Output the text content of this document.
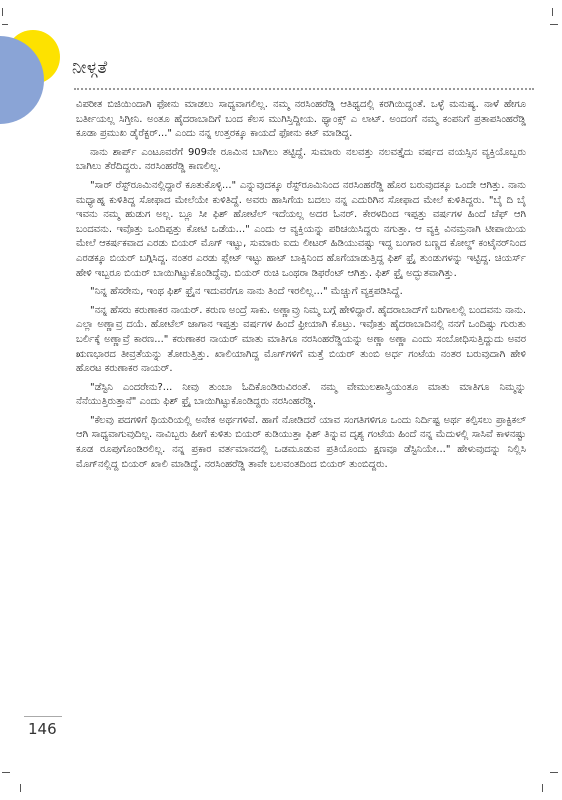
ನೀಳ್ಗತೆ

ವಿಪರೀತ ಬಿಜಿಯಿಂದಾಗಿ ಫೋನು ಮಾಡಲು ಸಾಧ್ಯವಾಗಲಿಲ್ಲ. ನಮ್ಮ ನರಸಿಂಹರೆಡ್ಡಿ ಆತಿಥ್ಯದಲ್ಲಿ ಕರಗಿಯಿದ್ದಂತೆ. ಒಳ್ಳೆ ಮನುಷ್ಯ. ನಾಳೆ ಹೇಗೂ ಬರ್ತೀಯಲ್ಲ ಸಿಗ್ತೀನಿ. ಅಂತೂ ಹೈದರಾಬಾದಿಗೆ ಬಂದ ಕೆಲಸ ಮುಗಿಸ್ತಿದ್ದೀಯ. ಥ್ಯಾಂಕ್ಸ್ ಎ ಲಾಟ್. ಅಂದಂಗೆ ನಮ್ಮ ಕಂಪನಿಗೆ ಪ್ರತಾಪಸಿಂಹರೆಡ್ಡಿ ಕೂಡಾ ಪ್ರಮುಖ ಡೈರೆಕ್ಟರ್..." ಎಂದು ನನ್ನ ಉತ್ತರಕ್ಕೂ ಕಾಯದೆ ಫೋನು ಕಟ್ ಮಾಡಿದ್ದ.

ನಾನು ಶಾರ್ಪ್ ಎಂಟೂವರೆಗೆ 909ನೇ ರೂಮಿನ ಬಾಗಿಲು ತಟ್ಟಿದ್ದೆ. ಸುಮಾರು ನಲವತ್ತು ನಲವತ್ತೈದು ವರ್ಷದ ವಯಸ್ಸಿನ ವ್ಯಕ್ತಿಯೊಬ್ಬರು ಬಾಗಿಲು ತೆರೆದಿದ್ದರು. ನರಸಿಂಹರೆಡ್ಡಿ ಕಾಣಲಿಲ್ಲ.

"ಸಾರ್ ರೆಸ್ಟ್‌ರೂಮಿನಲ್ಲಿದ್ದಾರೆ ಕೂತುಕೊಳ್ಳಿ..." ಎನ್ನುವುದಕ್ಕೂ ರೆಸ್ಟ್‌ರೂಮಿನಿಂದ ನರಸಿಂಹರೆಡ್ಡಿ ಹೊರ ಬರುವುದಕ್ಕೂ ಒಂದೇ ಆಗಿತ್ತು. ನಾನು ಮಧ್ಯಾಹ್ನ ಕುಳಿತಿದ್ದ ಸೋಫಾದ ಮೇಲೆಯೇ ಕುಳಿತಿದ್ದೆ. ಅವರು ಹಾಸಿಗೆಯ ಬದಲು ನನ್ನ ಎದುರಿಗಿನ ಸೋಫಾದ ಮೇಲೆ ಕುಳಿತಿದ್ದರು. "ಬೈ ದಿ ಬೈ ಇವನು ನಮ್ಮ ಹುಡುಗ ಅಲ್ಲ. ಬ್ಲೂ ಸೀ ಫಿಶ್ ಹೋಟೆಲ್ ಇದೆಯಲ್ಲ ಅದರ ಓನರ್. ಕೇರಳದಿಂದ ಇಪ್ಪತ್ತು ವರ್ಷಗಳ ಹಿಂದೆ ಚೆಫ್ ಆಗಿ ಬಂದವನು. ಇವೊತ್ತು ಒಂದಿಪ್ಪತ್ತು ಕೋಟಿ ಒಡೆಯ..." ಎಂದು ಆ ವ್ಯಕ್ತಿಯನ್ನು ಪರಿಚಯಿಸಿದ್ದರು ನಗುತ್ತಾ. ಆ ವ್ಯಕ್ತಿ ವಿನಮ್ರನಾಗಿ ಟೀಪಾಯಿಯ ಮೇಲೆ ಆಕರ್ಷಕವಾದ ಎರಡು ಬಿಯರ್ ಮೊಗ್ ಇಟ್ಟು, ಸುಮಾರು ಐದು ಲೀಟರ್ ಹಿಡಿಯುವಷ್ಟು ಇದ್ದ ಬಂಗಾರ ಬಣ್ಣದ ಕೋಲ್ಡ್ ಕಂಟೈನರ್‌ನಿಂದ ಎರಡಕ್ಕೂ ಬಿಯರ್ ಬಗ್ಗಿಸಿದ್ದ. ನಂತರ ಎರಡು ಪ್ಲೇಟ್ ಇಟ್ಟು ಹಾಟ್ ಬಾಕ್ಸಿನಿಂದ ಹೊಗೆಯಾಡುತ್ತಿದ್ದ ಫಿಶ್ ಫ್ರೈ ತುಂಡುಗಳನ್ನು ಇಟ್ಟಿದ್ದ. ಚಿಯರ್ಸ್ ಹೇಳಿ ಇಬ್ಬರೂ ಬಿಯರ್ ಬಾಯಿಗಿಟ್ಟುಕೊಂಡಿದ್ದೆವು. ಬಿಯರ್ ರುಚಿ ಒಂಥರಾ ಡಿಫರೆಂಟ್ ಆಗಿತ್ತು. ಫಿಶ್ ಫ್ರೈ ಅದ್ಭುತವಾಗಿತ್ತು.

"ನಿನ್ನ ಹೆಸರೇನು, ಇಂಥ ಫಿಶ್ ಫ್ರೈನ ಇದುವರೆಗೂ ನಾನು ತಿಂದೆ ಇರಲಿಲ್ಲ..." ಮೆಚ್ಚುಗೆ ವ್ಯಕ್ತಪಡಿಸಿದ್ದೆ.

"ನನ್ನ ಹೆಸರು ಕರುಣಾಕರ ನಾಯರ್. ಕರುಣ ಅಂದ್ರೆ ಸಾಕು. ಅಣ್ಣಾವ್ರು ನಿಮ್ಮ ಬಗ್ಗೆ ಹೇಳಿದ್ದಾರೆ. ಹೈದರಾಬಾದ್‌ಗೆ ಬರಿಗಾಲಲ್ಲಿ ಬಂದವನು ನಾನು. ಎಲ್ಲಾ ಅಣ್ಣಾವ್ರ ದಯೆ. ಹೋಟೆಲ್ ಜಾಗಾನ ಇಪ್ಪತ್ತು ವರ್ಷಗಳ ಹಿಂದೆ ಫ್ರೀಯಾಗಿ ಕೊಟ್ರು. ಇವೊತ್ತು ಹೈದರಾಬಾದಿನಲ್ಲಿ ನನಗೆ ಒಂದಿಷ್ಟು ಗುರುತು ಬರ್ಲಿಕ್ಕೆ ಅಣ್ಣಾವ್ರೆ ಕಾರಣ..." ಕರುಣಾಕರ ನಾಯರ್ ಮಾತು ಮಾತಿಗೂ ನರಸಿಂಹರೆಡ್ಡಿಯನ್ನು ಅಣ್ಣಾ ಅಣ್ಣಾ ಎಂದು ಸಂಬೋಧಿಸುತ್ತಿದ್ದುದು ಅವರ ಋಣಭಾರದ ತೀವ್ರತೆಯನ್ನು ತೋರುತ್ತಿತ್ತು. ಖಾಲಿಯಾಗಿದ್ದ ಮೊಗ್‌ಗಳಿಗೆ ಮತ್ತೆ ಬಿಯರ್ ತುಂಬಿ ಅರ್ಧ ಗಂಟೆಯ ನಂತರ ಬರುವುದಾಗಿ ಹೇಳಿ ಹೊರಟ ಕರುಣಾಕರ ನಾಯರ್.

"ಡೆಸ್ಟಿನಿ ಎಂದರೇನು?... ನೀವು ತುಂಬಾ ಓದಿಕೊಂಡಿರುವಿರಂತೆ. ನಮ್ಮ ವೇಮುಲಶಾಸ್ತ್ರಿಯಂತೂ ಮಾತು ಮಾತಿಗೂ ನಿಮ್ಮನ್ನು ನೆನೆಯುತ್ತಿರುತ್ತಾನೆ" ಎಂದು ಫಿಶ್ ಫ್ರೈ ಬಾಯಿಗಿಟ್ಟುಕೊಂಡಿದ್ದರು ನರಸಿಂಹರೆಡ್ಡಿ.

"ಕೆಲವು ಪದಗಳಿಗೆ ಥಿಯರಿಯಲ್ಲಿ ಅನೇಕ ಅರ್ಥಗಳಿವೆ. ಹಾಗೆ ನೋಡಿದರೆ ಯಾವ ಸಂಗತಿಗಳಿಗೂ ಒಂದು ನಿರ್ದಿಷ್ಟ ಅರ್ಥ ಕಲ್ಪಿಸಲು ಪ್ರಾಕ್ಟಿಕಲ್ ಆಗಿ ಸಾಧ್ಯವಾಗುವುದಿಲ್ಲ. ನಾವಿಬ್ಬರು ಹೀಗೆ ಕುಳಿತು ಬಿಯರ್ ಕುಡಿಯುತ್ತಾ ಫಿಶ್ ತಿನ್ನುವ ದೃಶ್ಯ ಗಂಟೆಯ ಹಿಂದೆ ನನ್ನ ಮೆದುಳಲ್ಲಿ ಸಾಸಿವೆ ಕಾಳನಷ್ಟು ಕೂಡ ರೂಪುಗೊಂಡಿರಲಿಲ್ಲ. ನನ್ನ ಪ್ರಕಾರ ವರ್ತಮಾನದಲ್ಲಿ ಒಡಮೂಡುವ ಪ್ರತಿಯೊಂದು ಕ್ಷಣವೂ ಡೆಸ್ಟಿನಿಯೇ..." ಹೇಳುವುದನ್ನು ನಿಲ್ಲಿಸಿ ಮೊಗ್‌ನಲ್ಲಿದ್ದ ಬಿಯರ್ ಖಾಲಿ ಮಾಡಿದ್ದೆ. ನರಸಿಂಹರೆಡ್ಡಿ ತಾವೇ ಬಲವಂತದಿಂದ ಬಿಯರ್ ತುಂಬಿದ್ದರು.

146
